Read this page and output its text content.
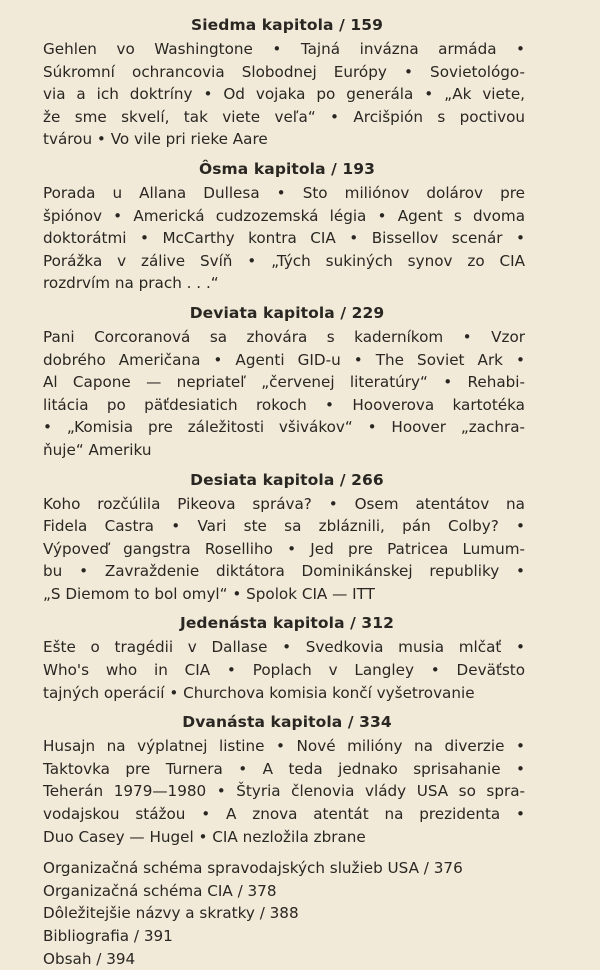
Siedma kapitola / 159
Gehlen vo Washingtone • Tajná invázna armáda •
Súkromní ochrancovia Slobodnej Európy • Sovietológo-
via a ich doktríny • Od vojaka po generála • „Ak viete,
že sme skvelí, tak viete veľa“ • Arcišpión s poctivou
tvárou • Vo vile pri rieke Aare
Ôsma kapitola / 193
Porada u Allana Dullesa • Sto miliónov dolárov pre
špiónov • Americká cudzozemská légia • Agent s dvoma
doktorátmi • McCarthy kontra CIA • Bissellov scenár •
Porážka v zálive Svíň • „Tých sukiných synov zo CIA
rozdrvím na prach . . .“
Deviata kapitola / 229
Pani Corcoranová sa zhovára s kaderníkom • Vzor
dobrého Američana • Agenti GID-u • The Soviet Ark •
Al Capone — nepriateľ „červenej literatúry“ • Rehabi-
litácia po päťdesiatich rokoch • Hooverova kartotéka
• „Komisia pre záležitosti všivákov“ • Hoover „zachra-
ňuje“ Ameriku
Desiata kapitola / 266
Koho rozčúlila Pikeova správa? • Osem atentátov na
Fidela Castra • Vari ste sa zbláznili, pán Colby? •
Výpoveď gangstra Roselliho • Jed pre Patricea Lumum-
bu • Zavraždenie diktátora Dominikánskej republiky •
„S Diemom to bol omyl“ • Spolok CIA — ITT
Jedenásta kapitola / 312
Ešte o tragédii v Dallase • Svedkovia musia mlčať •
Who's who in CIA • Poplach v Langley • Deväťsto
tajných operácií • Churchova komisia končí vyšetrovanie
Dvanásta kapitola / 334
Husajn na výplatnej listine • Nové milióny na diverzie •
Taktovka pre Turnera • A teda jednako sprisahanie •
Teherán 1979—1980 • Štyria členovia vlády USA so spra-
vodajskou stážou • A znova atentát na prezidenta •
Duo Casey — Hugel • CIA nezložila zbrane
Organizačná schéma spravodajských služieb USA / 376
Organizačná schéma CIA / 378
Dôležitejšie názvy a skratky / 388
Bibliografia / 391
Obsah / 394
